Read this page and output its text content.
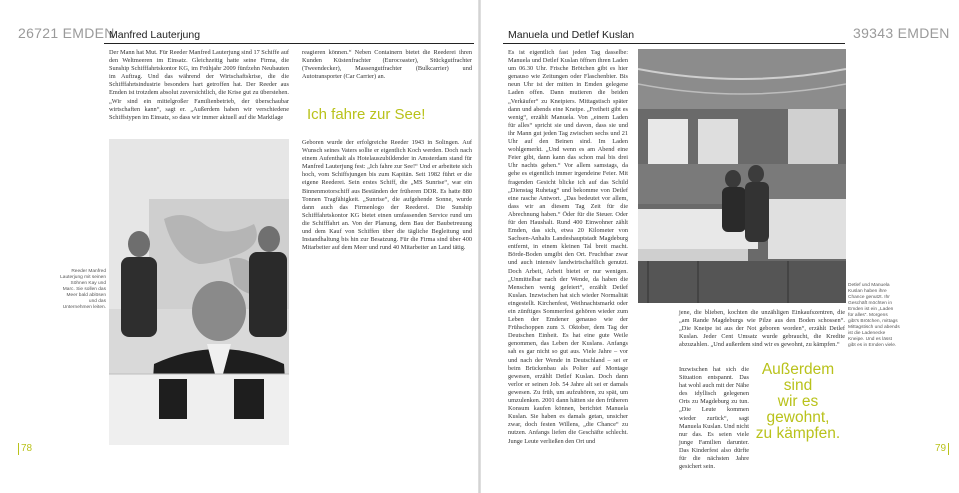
26721 EMDEN
Manfred Lauterjung

Der Mann hat Mut. Für Reeder Manfred Lauterjung sind 17 Schiffe auf den Weltmeeren im Einsatz. Gleichzeitig hatte seine Firma, die Sunship Schifffahrtskontor KG, im Frühjahr 2009 fünfzehn Neubauten im Auftrag. Und das während der Wirtschaftskrise, die die Schifffahrtsindustrie besonders hart getroffen hat. Der Reeder aus Emden ist trotzdem absolut zuversichtlich, die Krise gut zu überstehen. „Wir sind ein mittelgroßer Familienbetrieb, der überschaubar wirtschaften kann“, sagt er. „Außerdem haben wir verschiedene Schiffstypen im Einsatz, so dass wir immer aktuell auf die Marktlage

reagieren können.“ Neben Containern bietet die Reederei ihren Kunden Küstenfrachter (Eurocoaster), Stückgutfrachter (Tweendecker), Massengutfrachter (Bulkcarrier) und Autotransporter (Car Carrier) an.

Ich fahre zur See!

Geboren wurde der erfolgreiche Reeder 1943 in Solingen. Auf Wunsch seines Vaters sollte er eigentlich Koch werden. Doch nach einem Aufenthalt als Hotelauszubildender in Amsterdam stand für Manfred Lauterjung fest: „Ich fahre zur See!“ Und er arbeitete sich hoch, vom Schiffsjungen bis zum Kapitän. Seit 1982 führt er die eigene Reederei. Sein erstes Schiff, die „MS Sunrise“, war ein Binnenmotorschiff aus Beständen der früheren DDR. Es hatte 880 Tonnen Tragfähigkeit. „Sunrise“, die aufgehende Sonne, wurde dann auch das Firmenlogo der Reederei. Die Sunship Schifffahrtskontor KG bietet einen umfassenden Service rund um die Schifffahrt an. Von der Planung, dem Bau der Baubetreuung und dem Kauf von Schiffen über die tägliche Begleitung und Instandhaltung bis hin zur Besatzung. Für die Firma sind über 400 Mitarbeiter auf dem Meer und rund 40 Mitarbeiter an Land tätig.

Reeder Manfred Lauterjung mit seinen Söhnen Kay und Marc. Sie sollen das Meer bald ablösen und das Unternehmen leiten.
78
39343 EMDEN
Manuela und Detlef Kuslan

Es ist eigentlich fast jeden Tag dasselbe: Manuela und Detlef Kuslan öffnen ihren Laden um 06.30 Uhr. Frische Brötchen gibt es hier genauso wie Zeitungen oder Flaschenbier. Bis neun Uhr ist der mitten in Emden gelegene Laden offen. Dann mutieren die beiden „Verkäufer“ zu Kneipiers. Mittagstisch später dann und abends eine Kneipe. „Freiheit gibt es wenig“, erzählt Manuela. Von „einem Laden für alles“ spricht sie und davon, dass sie und ihr Mann gut jeden Tag zwischen sechs und 21 Uhr auf den Beinen sind. Im Laden wohlgemerkt. „Und wenn es am Abend eine Feier gibt, dann kann das schon mal bis drei Uhr nachts gehen.“ Vor allem samstags, da gehe es eigentlich immer irgendeine Feier. Mit fragenden Gesicht blicke ich auf das Schild „Dienstag Ruhetag“ und bekomme von Detlef eine rasche Antwort. „Das bedeutet vor allem, dass wir an diesem Tag Zeit für die Abrechnung haben.“ Öder für die Steuer. Oder für den Haushalt. Rund 400 Einwohner zählt Emden, das sich, etwa 20 Kilometer von Sachsen-Anhalts Landeshauptstadt Magdeburg entfernt, in einem kleinen Tal breit macht. Börde-Boden umgibt den Ort. Fruchtbar zwar und auch intensiv landwirtschaftlich genutzt. Doch Arbeit, Arbeit bietet er nur wenigen. „Unmittelbar nach der Wende, da haben die Menschen wenig gefeiert“, erzählt Detlef Kuslan. Inzwischen hat sich wieder Normalität eingestellt. Kirchenfest, Weihnachtsmarkt oder ein zünftiges Sommerfest gehören wieder zum Leben der Emdener genauso wie der Frühschoppen zum 3. Oktober, dem Tag der Deutschen Einheit. Es hat eine gute Weile genommen, das Leben der Kuslans. Anfangs sah es gar nicht so gut aus. Viele Jahre – vor und nach der Wende in Deutschland – sei er beim Brückenbau als Polier auf Montage gewesen, erzählt Detlef Kuslan. Doch dann verlor er seinen Job. 54 Jahre alt sei er damals gewesen. Zu früh, um aufzuhören, zu spät, um umzulenken. 2001 dann hätten sie den früheren Konsum kaufen können, berichtet Manuela Kuslan. Sie haben es damals getan, unsicher zwar, doch festen Willens, „die Chance“ zu nutzen. Anfangs liefen die Geschäfte schlecht. Junge Leute verließen den Ort und

Detlef und Manuela Kuslan haben ihre Chance genutzt. Ihr Geschäft möchten in Emden ist ein „Laden für alles“. Morgens gibt's Brötchen, mittags Mittagstisch und abends ist die Ladenecke Kneipe. Und es lässt gibt es in Emden viele.

jene, die blieben, kochten die unzähligen Einkaufszentren, die „am Rande Magdeburgs wie Pilze aus den Boden schossen“. „Die Kneipe ist aus der Not geboren worden“, erzählt Detlef Kuslan. Jeder Cent Umsatz wurde gebraucht, die Kredite abzuzahlen. „Und außerdem sind wir es gewohnt, zu kämpfen.“

Inzwischen hat sich die Situation entspannt. Das hat wohl auch mit der Nähe des idyllisch gelegenen Orts zu Magdeburg zu tun. „Die Leute kommen wieder zurück“, sagt Manuela Kuslan. Und nicht nur das. Es seien viele junge Familien darunter. Das Kinderfest also dürfte für die nächsten Jahre gesichert sein.

Außerdem sind
wir es gewohnt,
zu kämpfen.
79
